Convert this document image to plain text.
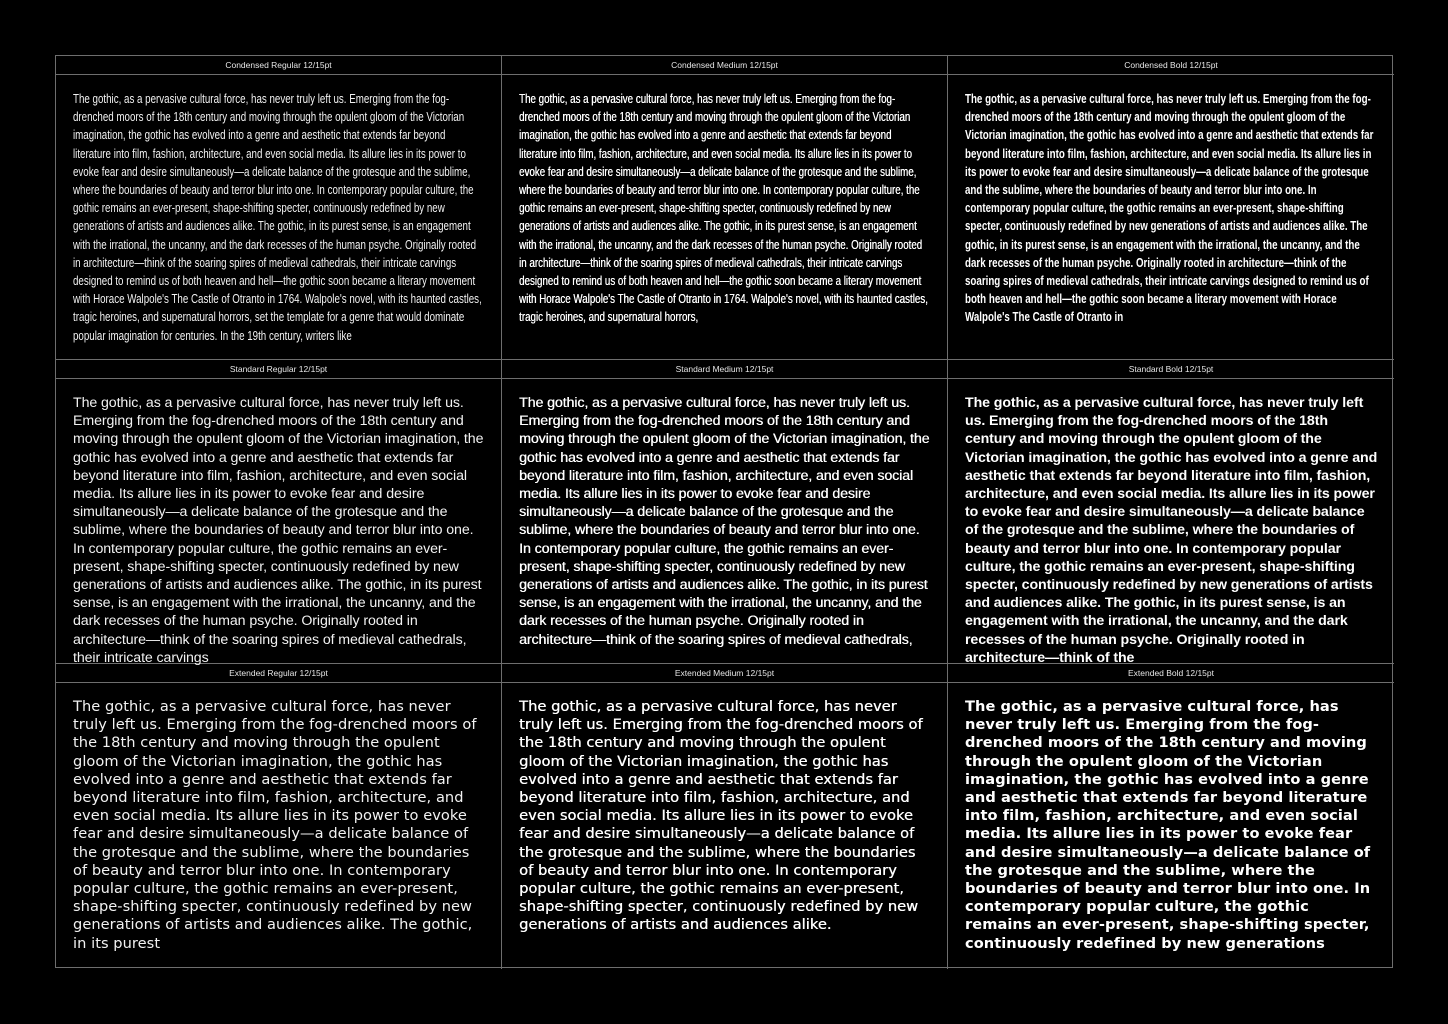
Condensed Regular 12/15pt
The gothic, as a pervasive cultural force, has never truly left us. Emerging from the fog-drenched moors of the 18th century and moving through the opulent gloom of the Victorian imagination, the gothic has evolved into a genre and aesthetic that extends far beyond literature into film, fashion, architecture, and even social media. Its allure lies in its power to evoke fear and desire simultaneously—a delicate balance of the grotesque and the sublime, where the boundaries of beauty and terror blur into one. In contemporary popular culture, the gothic remains an ever-present, shape-shifting specter, continuously redefined by new generations of artists and audiences alike. The gothic, in its purest sense, is an engagement with the irrational, the uncanny, and the dark recesses of the human psyche. Originally rooted in architecture—think of the soaring spires of medieval cathedrals, their intricate carvings designed to remind us of both heaven and hell—the gothic soon became a literary movement with Horace Walpole's The Castle of Otranto in 1764. Walpole's novel, with its haunted castles, tragic heroines, and supernatural horrors, set the template for a genre that would dominate popular imagination for centuries. In the 19th century, writers like
Condensed Medium 12/15pt
The gothic, as a pervasive cultural force, has never truly left us. Emerging from the fog-drenched moors of the 18th century and moving through the opulent gloom of the Victorian imagination, the gothic has evolved into a genre and aesthetic that extends far beyond literature into film, fashion, architecture, and even social media. Its allure lies in its power to evoke fear and desire simultaneously—a delicate balance of the grotesque and the sublime, where the boundaries of beauty and terror blur into one. In contemporary popular culture, the gothic remains an ever-present, shape-shifting specter, continuously redefined by new generations of artists and audiences alike. The gothic, in its purest sense, is an engagement with the irrational, the uncanny, and the dark recesses of the human psyche. Originally rooted in architecture—think of the soaring spires of medieval cathedrals, their intricate carvings designed to remind us of both heaven and hell—the gothic soon became a literary movement with Horace Walpole's The Castle of Otranto in 1764. Walpole's novel, with its haunted castles, tragic heroines, and supernatural horrors,
Condensed Bold 12/15pt
The gothic, as a pervasive cultural force, has never truly left us. Emerging from the fog-drenched moors of the 18th century and moving through the opulent gloom of the Victorian imagination, the gothic has evolved into a genre and aesthetic that extends far beyond literature into film, fashion, architecture, and even social media. Its allure lies in its power to evoke fear and desire simultaneously—a delicate balance of the grotesque and the sublime, where the boundaries of beauty and terror blur into one. In contemporary popular culture, the gothic remains an ever-present, shape-shifting specter, continuously redefined by new generations of artists and audiences alike. The gothic, in its purest sense, is an engagement with the irrational, the uncanny, and the dark recesses of the human psyche. Originally rooted in architecture—think of the soaring spires of medieval cathedrals, their intricate carvings designed to remind us of both heaven and hell—the gothic soon became a literary movement with Horace Walpole's The Castle of Otranto in
Standard Regular 12/15pt
The gothic, as a pervasive cultural force, has never truly left us. Emerging from the fog-drenched moors of the 18th century and moving through the opulent gloom of the Victorian imagination, the gothic has evolved into a genre and aesthetic that extends far beyond literature into film, fashion, architecture, and even social media. Its allure lies in its power to evoke fear and desire simultaneously—a delicate balance of the grotesque and the sublime, where the boundaries of beauty and terror blur into one. In contemporary popular culture, the gothic remains an ever-present, shape-shifting specter, continuously redefined by new generations of artists and audiences alike. The gothic, in its purest sense, is an engagement with the irrational, the uncanny, and the dark recesses of the human psyche. Originally rooted in architecture—think of the soaring spires of medieval cathedrals, their intricate carvings
Standard Medium 12/15pt
The gothic, as a pervasive cultural force, has never truly left us. Emerging from the fog-drenched moors of the 18th century and moving through the opulent gloom of the Victorian imagination, the gothic has evolved into a genre and aesthetic that extends far beyond literature into film, fashion, architecture, and even social media. Its allure lies in its power to evoke fear and desire simultaneously—a delicate balance of the grotesque and the sublime, where the boundaries of beauty and terror blur into one. In contemporary popular culture, the gothic remains an ever-present, shape-shifting specter, continuously redefined by new generations of artists and audiences alike. The gothic, in its purest sense, is an engagement with the irrational, the uncanny, and the dark recesses of the human psyche. Originally rooted in architecture—think of the soaring spires of medieval cathedrals,
Standard Bold 12/15pt
The gothic, as a pervasive cultural force, has never truly left us. Emerging from the fog-drenched moors of the 18th century and moving through the opulent gloom of the Victorian imagination, the gothic has evolved into a genre and aesthetic that extends far beyond literature into film, fashion, architecture, and even social media. Its allure lies in its power to evoke fear and desire simultaneously—a delicate balance of the grotesque and the sublime, where the boundaries of beauty and terror blur into one. In contemporary popular culture, the gothic remains an ever-present, shape-shifting specter, continuously redefined by new generations of artists and audiences alike. The gothic, in its purest sense, is an engagement with the irrational, the uncanny, and the dark recesses of the human psyche. Originally rooted in architecture—think of the
Extended Regular 12/15pt
The gothic, as a pervasive cultural force, has never truly left us. Emerging from the fog-drenched moors of the 18th century and moving through the opulent gloom of the Victorian imagination, the gothic has evolved into a genre and aesthetic that extends far beyond literature into film, fashion, architecture, and even social media. Its allure lies in its power to evoke fear and desire simultaneously—a delicate balance of the grotesque and the sublime, where the boundaries of beauty and terror blur into one. In contemporary popular culture, the gothic remains an ever-present, shape-shifting specter, continuously redefined by new generations of artists and audiences alike. The gothic, in its purest
Extended Medium 12/15pt
The gothic, as a pervasive cultural force, has never truly left us. Emerging from the fog-drenched moors of the 18th century and moving through the opulent gloom of the Victorian imagination, the gothic has evolved into a genre and aesthetic that extends far beyond literature into film, fashion, architecture, and even social media. Its allure lies in its power to evoke fear and desire simultaneously—a delicate balance of the grotesque and the sublime, where the boundaries of beauty and terror blur into one. In contemporary popular culture, the gothic remains an ever-present, shape-shifting specter, continuously redefined by new generations of artists and audiences alike.
Extended Bold 12/15pt
The gothic, as a pervasive cultural force, has never truly left us. Emerging from the fog-drenched moors of the 18th century and moving through the opulent gloom of the Victorian imagination, the gothic has evolved into a genre and aesthetic that extends far beyond literature into film, fashion, architecture, and even social media. Its allure lies in its power to evoke fear and desire simultaneously—a delicate balance of the grotesque and the sublime, where the boundaries of beauty and terror blur into one. In contemporary popular culture, the gothic remains an ever-present, shape-shifting specter, continuously redefined by new generations
